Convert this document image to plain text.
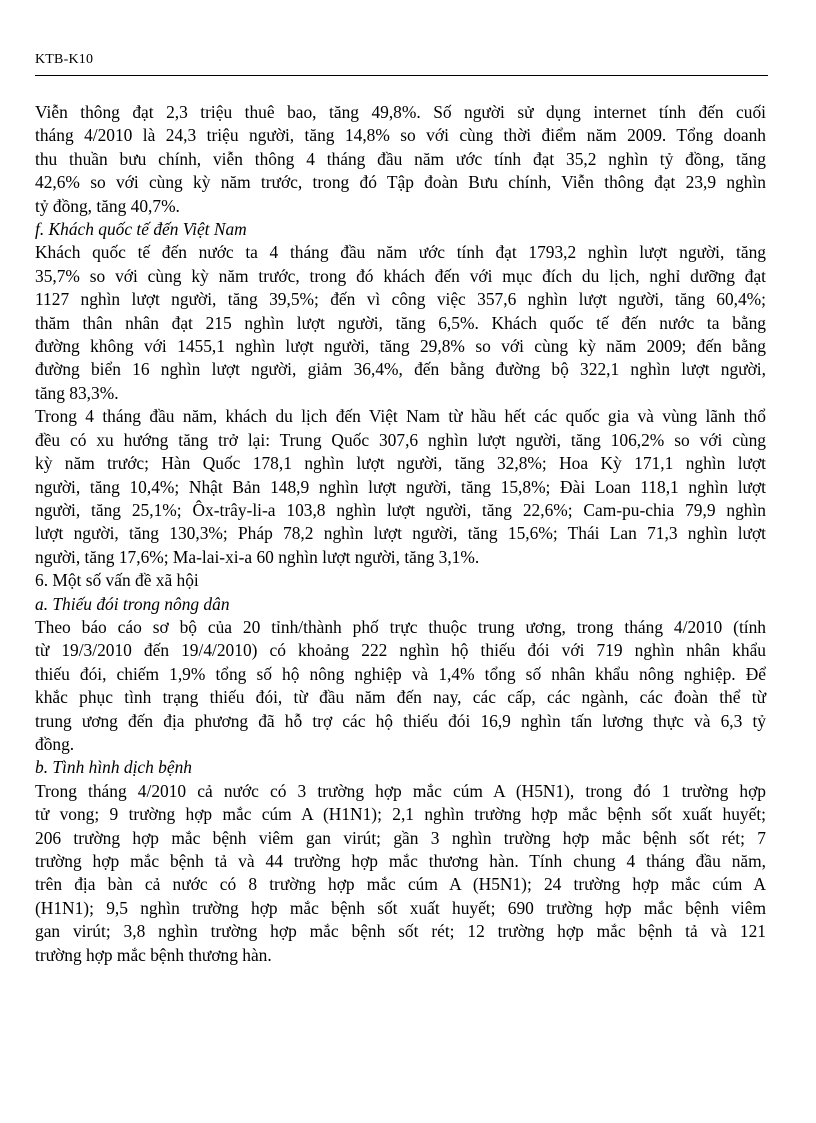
KTB-K10

Viễn thông đạt 2,3 triệu thuê bao, tăng 49,8%. Số người sử dụng internet tính đến cuối
tháng 4/2010 là 24,3 triệu người, tăng 14,8% so với cùng thời điểm năm 2009. Tổng doanh
thu thuần bưu chính, viễn thông 4 tháng đầu năm ước tính đạt 35,2 nghìn tỷ đồng, tăng
42,6% so với cùng kỳ năm trước, trong đó Tập đoàn Bưu chính, Viễn thông đạt 23,9 nghìn
tỷ đồng, tăng 40,7%.

f. Khách quốc tế đến Việt Nam

Khách quốc tế đến nước ta 4 tháng đầu năm ước tính đạt 1793,2 nghìn lượt người, tăng
35,7% so với cùng kỳ năm trước, trong đó khách đến với mục đích du lịch, nghỉ dưỡng đạt
1127 nghìn lượt người, tăng 39,5%; đến vì công việc 357,6 nghìn lượt người, tăng 60,4%;
thăm thân nhân đạt 215 nghìn lượt người, tăng 6,5%. Khách quốc tế đến nước ta bằng
đường không với 1455,1 nghìn lượt người, tăng 29,8% so với cùng kỳ năm 2009; đến bằng
đường biển 16 nghìn lượt người, giảm 36,4%, đến bằng đường bộ 322,1 nghìn lượt người,
tăng 83,3%.

Trong 4 tháng đầu năm, khách du lịch đến Việt Nam từ hầu hết các quốc gia và vùng lãnh thổ
đều có xu hướng tăng trở lại: Trung Quốc 307,6 nghìn lượt người, tăng 106,2% so với cùng
kỳ năm trước; Hàn Quốc 178,1 nghìn lượt người, tăng 32,8%; Hoa Kỳ 171,1 nghìn lượt
người, tăng 10,4%; Nhật Bản 148,9 nghìn lượt người, tăng 15,8%; Đài Loan 118,1 nghìn lượt
người, tăng 25,1%; Ôx-trây-li-a 103,8 nghìn lượt người, tăng 22,6%; Cam-pu-chia 79,9 nghìn
lượt người, tăng 130,3%; Pháp 78,2 nghìn lượt người, tăng 15,6%; Thái Lan 71,3 nghìn lượt
người, tăng 17,6%; Ma-lai-xi-a 60 nghìn lượt người, tăng 3,1%.

6. Một số vấn đề xã hội
a. Thiếu đói trong nông dân

Theo báo cáo sơ bộ của 20 tỉnh/thành phố trực thuộc trung ương, trong tháng 4/2010 (tính
từ 19/3/2010 đến 19/4/2010) có khoảng 222 nghìn hộ thiếu đói với 719 nghìn nhân khẩu
thiếu đói, chiếm 1,9% tổng số hộ nông nghiệp và 1,4% tổng số nhân khẩu nông nghiệp. Để
khắc phục tình trạng thiếu đói, từ đầu năm đến nay, các cấp, các ngành, các đoàn thể từ
trung ương đến địa phương đã hỗ trợ các hộ thiếu đói 16,9 nghìn tấn lương thực và 6,3 tỷ
đồng.

b. Tình hình dịch bệnh

Trong tháng 4/2010 cả nước có 3 trường hợp mắc cúm A (H5N1), trong đó 1 trường hợp
tử vong; 9 trường hợp mắc cúm A (H1N1); 2,1 nghìn trường hợp mắc bệnh sốt xuất huyết;
206 trường hợp mắc bệnh viêm gan virút; gần 3 nghìn trường hợp mắc bệnh sốt rét; 7
trường hợp mắc bệnh tả và 44 trường hợp mắc thương hàn. Tính chung 4 tháng đầu năm,
trên địa bàn cả nước có 8 trường hợp mắc cúm A (H5N1); 24 trường hợp mắc cúm A
(H1N1); 9,5 nghìn trường hợp mắc bệnh sốt xuất huyết; 690 trường hợp mắc bệnh viêm
gan virút; 3,8 nghìn trường hợp mắc bệnh sốt rét; 12 trường hợp mắc bệnh tả và 121
trường hợp mắc bệnh thương hàn.
